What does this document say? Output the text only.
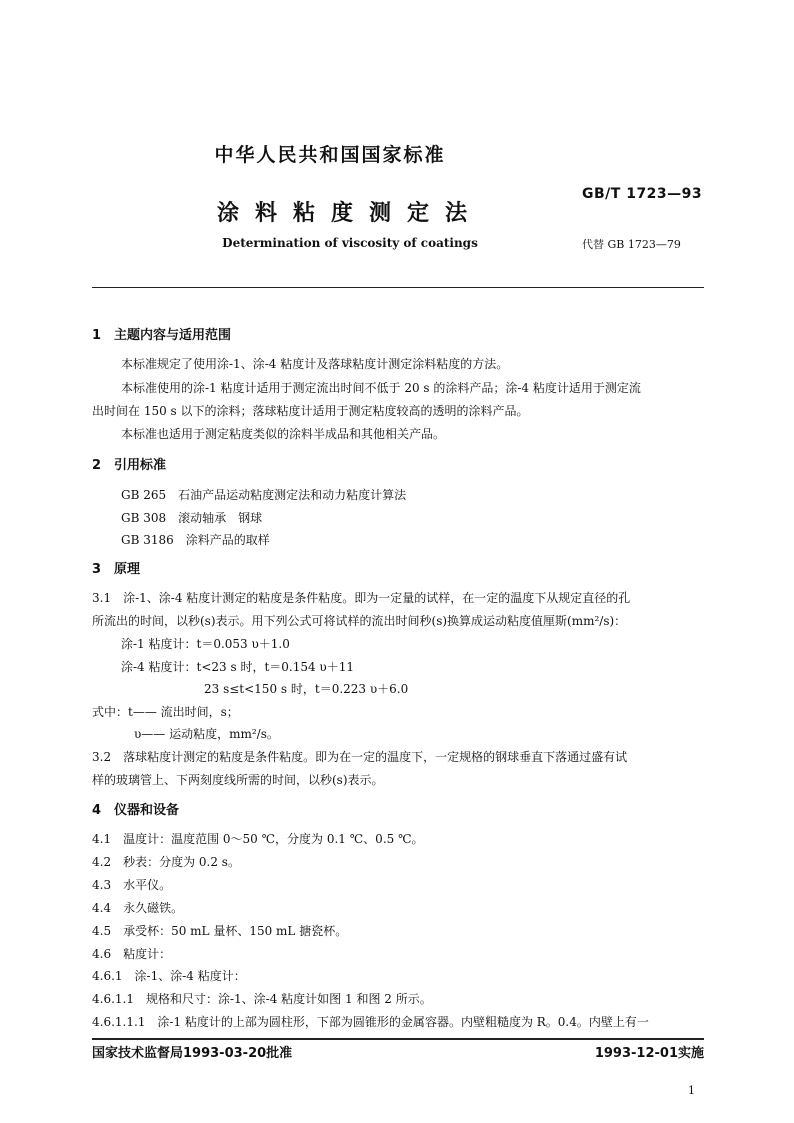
中华人民共和国国家标准
涂料粘度测定法
Determination of viscosity of coatings
GB/T 1723—93
代替 GB 1723—79
1　主题内容与适用范围
本标准规定了使用涂-1、涂-4 粘度计及落球粘度计测定涂料粘度的方法。
本标准使用的涂-1 粘度计适用于测定流出时间不低于 20 s 的涂料产品；涂-4 粘度计适用于测定流
出时间在 150 s 以下的涂料；落球粘度计适用于测定粘度较高的透明的涂料产品。
本标准也适用于测定粘度类似的涂料半成品和其他相关产品。
2　引用标准
GB 265　石油产品运动粘度测定法和动力粘度计算法
GB 308　滚动轴承　钢球
GB 3186　涂料产品的取样
3　原理
3.1　涂-1、涂-4 粘度计测定的粘度是条件粘度。即为一定量的试样，在一定的温度下从规定直径的孔
所流出的时间，以秒(s)表示。用下列公式可将试样的流出时间秒(s)换算成运动粘度值厘斯(mm²/s)：
涂-1 粘度计：t＝0.053 υ＋1.0
涂-4 粘度计：t<23 s 时，t＝0.154 υ＋11
23 s≤t<150 s 时，t＝0.223 υ＋6.0
式中：t—— 流出时间，s；
υ—— 运动粘度，mm²/s。
3.2　落球粘度计测定的粘度是条件粘度。即为在一定的温度下，一定规格的钢球垂直下落通过盛有试
样的玻璃管上、下两刻度线所需的时间，以秒(s)表示。
4　仪器和设备
4.1　温度计：温度范围 0～50 ℃，分度为 0.1 ℃、0.5 ℃。
4.2　秒表：分度为 0.2 s。
4.3　水平仪。
4.4　永久磁铁。
4.5　承受杯：50 mL 量杯、150 mL 搪瓷杯。
4.6　粘度计：
4.6.1　涂-1、涂-4 粘度计：
4.6.1.1　规格和尺寸：涂-1、涂-4 粘度计如图 1 和图 2 所示。
4.6.1.1.1　涂-1 粘度计的上部为圆柱形，下部为圆锥形的金属容器。内壁粗糙度为 R。0.4。内壁上有一
国家技术监督局1993-03-20批准	1993-12-01实施
1
